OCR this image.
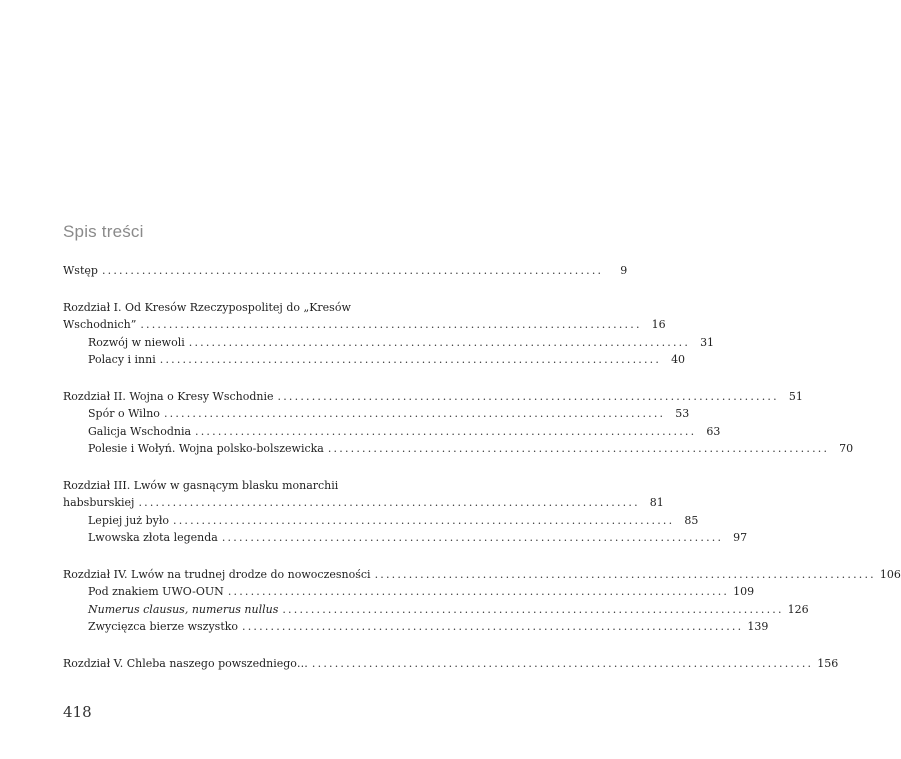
Spis treści
Wstęp ........................................................................................	9
Rozdział I. Od Kresów Rzeczypospolitej do „Kresów
Wschodnich” ........................................................................................ 16
Rozwój w niewoli ........................................................................................ 31
Polacy i inni ........................................................................................ 40
Rozdział II. Wojna o Kresy Wschodnie ........................................................................................ 51
Spór o Wilno ........................................................................................ 53
Galicja Wschodnia ........................................................................................ 63
Polesie i Wołyń. Wojna polsko-bolszewicka ........................................................................................ 70
Rozdział III. Lwów w gasnącym blasku monarchii
habsburskiej ........................................................................................ 81
Lepiej już było ........................................................................................ 85
Lwowska złota legenda ........................................................................................ 97
Rozdział IV. Lwów na trudnej drodze do nowoczesności ........................................................................................ 106
Pod znakiem UWO-OUN ........................................................................................ 109
Numerus clausus, numerus nullus ........................................................................................ 126
Zwycięzca bierze wszystko ........................................................................................ 139
Rozdział V. Chleba naszego powszedniego… ........................................................................................ 156
418
